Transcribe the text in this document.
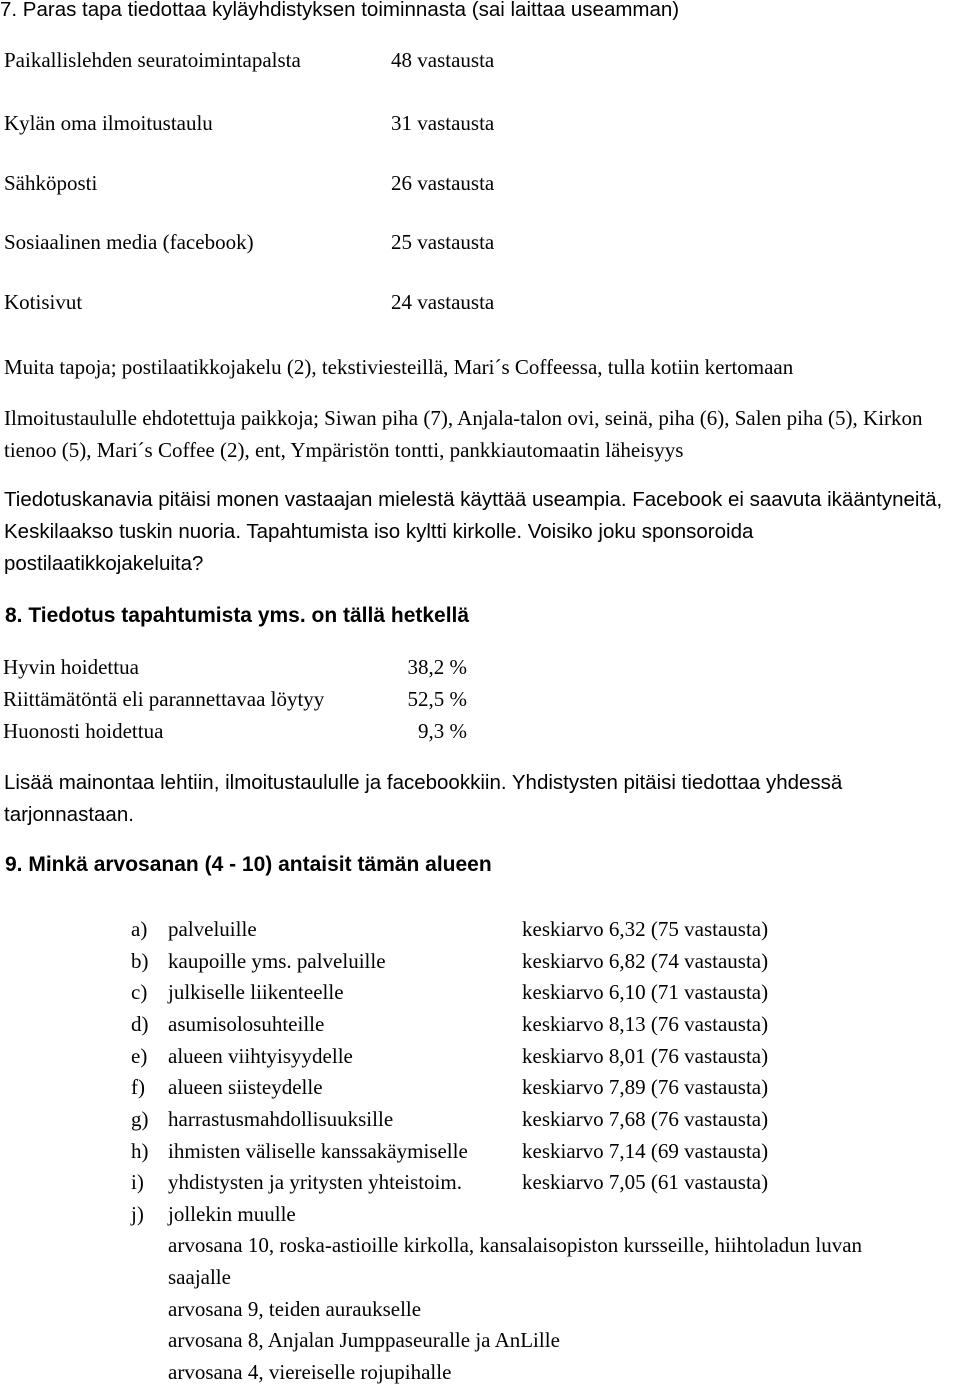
7. Paras tapa tiedottaa kyläyhdistyksen toiminnasta (sai laittaa useamman)
Paikallislehden seuratoimintapalsta	48 vastausta
Kylän oma ilmoitustaulu	31 vastausta
Sähköposti	26 vastausta
Sosiaalinen media (facebook)	25 vastausta
Kotisivut	24 vastausta
Muita tapoja; postilaatikkojakelu (2), tekstiviesteillä, Mari´s Coffeessa, tulla kotiin kertomaan
Ilmoitustaululle ehdotettuja paikkoja; Siwan piha (7), Anjala-talon ovi, seinä, piha (6), Salen piha (5), Kirkon tienoo (5), Mari´s Coffee (2), ent, Ympäristön tontti, pankkiautomaatin läheisyys
Tiedotuskanavia pitäisi monen vastaajan mielestä käyttää useampia. Facebook ei saavuta ikääntyneitä, Keskilaakso tuskin nuoria. Tapahtumista iso kyltti kirkolle. Voisiko joku sponsoroida postilaatikkojakeluita?
8. Tiedotus tapahtumista yms. on tällä hetkellä
Hyvin hoidettua	38,2 %
Riittämätöntä eli parannettavaa löytyy	52,5 %
Huonosti hoidettua	9,3 %
Lisää mainontaa lehtiin, ilmoitustaululle ja facebookkiin. Yhdistysten pitäisi tiedottaa yhdessä tarjonnastaan.
9. Minkä arvosanan (4 - 10) antaisit tämän alueen
a) palveluille	keskiarvo 6,32 (75 vastausta)
b) kaupoille yms. palveluille	keskiarvo 6,82 (74 vastausta)
c) julkiselle liikenteelle	keskiarvo 6,10 (71 vastausta)
d) asumisolosuhteille	keskiarvo 8,13 (76 vastausta)
e) alueen viihtyisyydelle	keskiarvo 8,01 (76 vastausta)
f) alueen siisteydelle	keskiarvo 7,89 (76 vastausta)
g) harrastusmahdollisuuksille	keskiarvo 7,68 (76 vastausta)
h) ihmisten väliselle kanssakäymiselle	keskiarvo 7,14 (69 vastausta)
i) yhdistysten ja yritysten yhteistoim.	keskiarvo 7,05 (61 vastausta)
j) jollekin muulle
arvosana 10, roska-astioille kirkolla, kansalaisopiston kursseille, hiihtoladun luvan
saajalle
arvosana 9, teiden auraukselle
arvosana 8, Anjalan Jumppaseuralle ja AnLille
arvosana 4, viereiselle rojupihalle
